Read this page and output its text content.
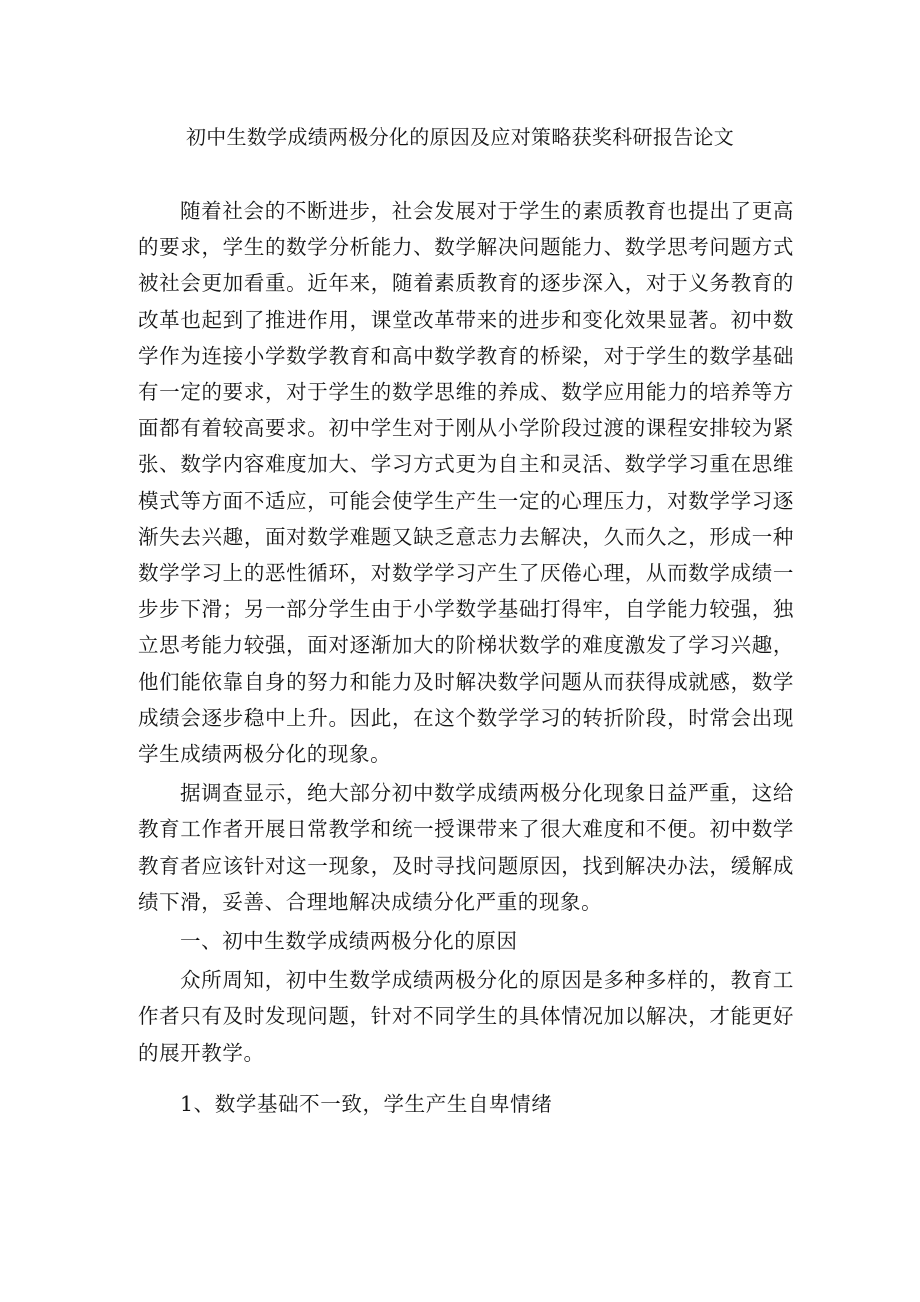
初中生数学成绩两极分化的原因及应对策略获奖科研报告论文

随着社会的不断进步，社会发展对于学生的素质教育也提出了更高的要求，学生的数学分析能力、数学解决问题能力、数学思考问题方式被社会更加看重。近年来，随着素质教育的逐步深入，对于义务教育的改革也起到了推进作用，课堂改革带来的进步和变化效果显著。初中数学作为连接小学数学教育和高中数学教育的桥梁，对于学生的数学基础有一定的要求，对于学生的数学思维的养成、数学应用能力的培养等方面都有着较高要求。初中学生对于刚从小学阶段过渡的课程安排较为紧张、数学内容难度加大、学习方式更为自主和灵活、数学学习重在思维模式等方面不适应，可能会使学生产生一定的心理压力，对数学学习逐渐失去兴趣，面对数学难题又缺乏意志力去解决，久而久之，形成一种数学学习上的恶性循环，对数学学习产生了厌倦心理，从而数学成绩一步步下滑；另一部分学生由于小学数学基础打得牢，自学能力较强，独立思考能力较强，面对逐渐加大的阶梯状数学的难度激发了学习兴趣，他们能依靠自身的努力和能力及时解决数学问题从而获得成就感，数学成绩会逐步稳中上升。因此，在这个数学学习的转折阶段，时常会出现学生成绩两极分化的现象。

据调查显示，绝大部分初中数学成绩两极分化现象日益严重，这给教育工作者开展日常教学和统一授课带来了很大难度和不便。初中数学教育者应该针对这一现象，及时寻找问题原因，找到解决办法，缓解成绩下滑，妥善、合理地解决成绩分化严重的现象。

一、初中生数学成绩两极分化的原因

众所周知，初中生数学成绩两极分化的原因是多种多样的，教育工作者只有及时发现问题，针对不同学生的具体情况加以解决，才能更好的展开教学。

1、数学基础不一致，学生产生自卑情绪
